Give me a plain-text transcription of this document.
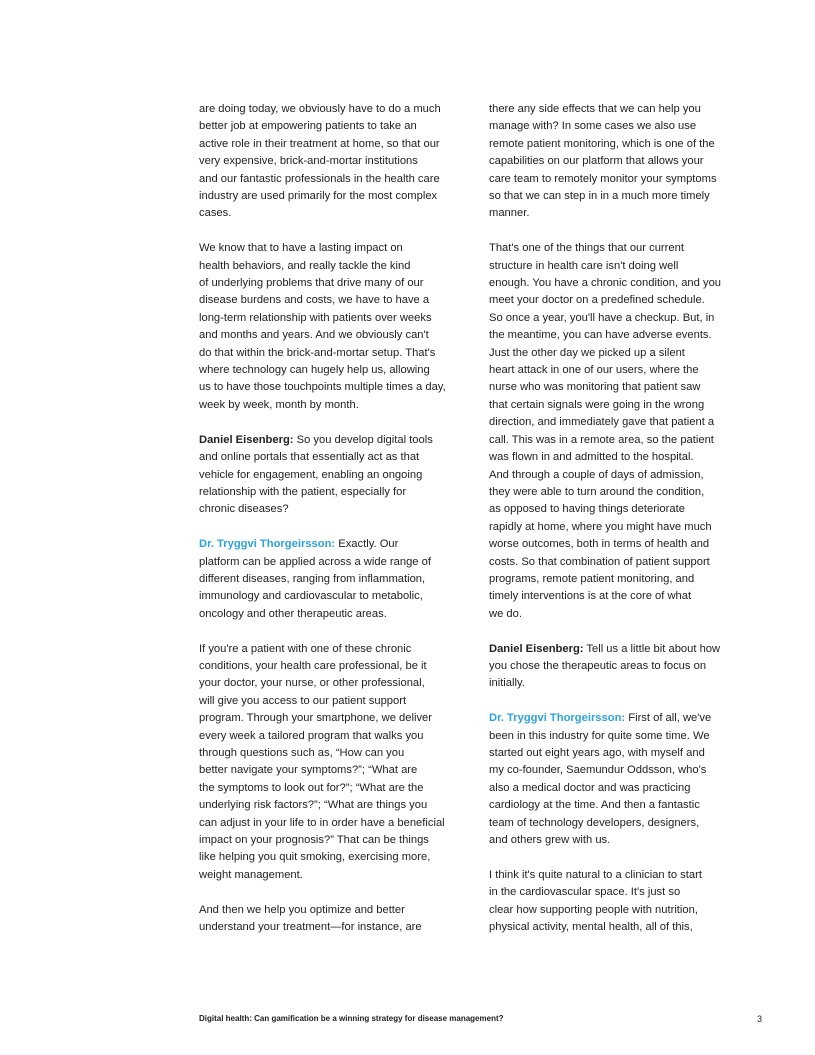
are doing today, we obviously have to do a much
better job at empowering patients to take an
active role in their treatment at home, so that our
very expensive, brick-and-mortar institutions
and our fantastic professionals in the health care
industry are used primarily for the most complex
cases.
We know that to have a lasting impact on
health behaviors, and really tackle the kind
of underlying problems that drive many of our
disease burdens and costs, we have to have a
long-term relationship with patients over weeks
and months and years. And we obviously can't
do that within the brick-and-mortar setup. That's
where technology can hugely help us, allowing
us to have those touchpoints multiple times a day,
week by week, month by month.
Daniel Eisenberg: So you develop digital tools
and online portals that essentially act as that
vehicle for engagement, enabling an ongoing
relationship with the patient, especially for
chronic diseases?
Dr. Tryggvi Thorgeirsson: Exactly. Our
platform can be applied across a wide range of
different diseases, ranging from inflammation,
immunology and cardiovascular to metabolic,
oncology and other therapeutic areas.
If you're a patient with one of these chronic
conditions, your health care professional, be it
your doctor, your nurse, or other professional,
will give you access to our patient support
program. Through your smartphone, we deliver
every week a tailored program that walks you
through questions such as, “How can you
better navigate your symptoms?”; “What are
the symptoms to look out for?”; “What are the
underlying risk factors?”; “What are things you
can adjust in your life to in order have a beneficial
impact on your prognosis?” That can be things
like helping you quit smoking, exercising more,
weight management.
And then we help you optimize and better
understand your treatment—for instance, are
there any side effects that we can help you
manage with? In some cases we also use
remote patient monitoring, which is one of the
capabilities on our platform that allows your
care team to remotely monitor your symptoms
so that we can step in in a much more timely
manner.
That's one of the things that our current
structure in health care isn't doing well
enough. You have a chronic condition, and you
meet your doctor on a predefined schedule.
So once a year, you'll have a checkup. But, in
the meantime, you can have adverse events.
Just the other day we picked up a silent
heart attack in one of our users, where the
nurse who was monitoring that patient saw
that certain signals were going in the wrong
direction, and immediately gave that patient a
call. This was in a remote area, so the patient
was flown in and admitted to the hospital.
And through a couple of days of admission,
they were able to turn around the condition,
as opposed to having things deteriorate
rapidly at home, where you might have much
worse outcomes, both in terms of health and
costs. So that combination of patient support
programs, remote patient monitoring, and
timely interventions is at the core of what
we do.
Daniel Eisenberg: Tell us a little bit about how
you chose the therapeutic areas to focus on
initially.
Dr. Tryggvi Thorgeirsson: First of all, we've
been in this industry for quite some time. We
started out eight years ago, with myself and
my co-founder, Saemundur Oddsson, who's
also a medical doctor and was practicing
cardiology at the time. And then a fantastic
team of technology developers, designers,
and others grew with us.
I think it's quite natural to a clinician to start
in the cardiovascular space. It's just so
clear how supporting people with nutrition,
physical activity, mental health, all of this,
Digital health: Can gamification be a winning strategy for disease management?	3
